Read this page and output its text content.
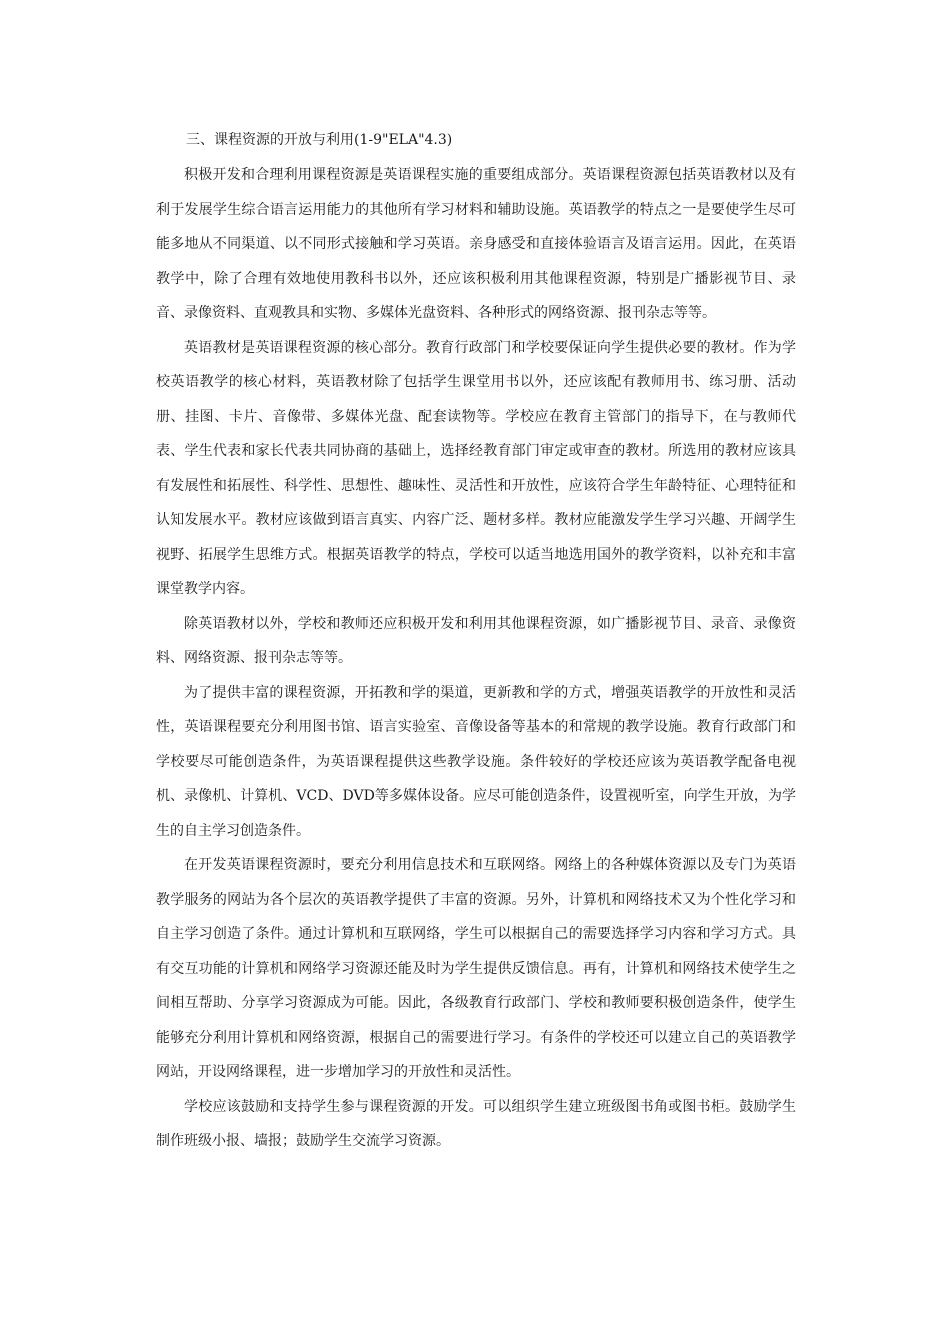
三、课程资源的开放与利用(1-9"ELA"4.3)

积极开发和合理利用课程资源是英语课程实施的重要组成部分。英语课程资源包括英语教材以及有利于发展学生综合语言运用能力的其他所有学习材料和辅助设施。英语教学的特点之一是要使学生尽可能多地从不同渠道、以不同形式接触和学习英语。亲身感受和直接体验语言及语言运用。因此，在英语教学中，除了合理有效地使用教科书以外，还应该积极利用其他课程资源，特别是广播影视节目、录音、录像资料、直观教具和实物、多媒体光盘资料、各种形式的网络资源、报刊杂志等等。

英语教材是英语课程资源的核心部分。教育行政部门和学校要保证向学生提供必要的教材。作为学校英语教学的核心材料，英语教材除了包括学生课堂用书以外，还应该配有教师用书、练习册、活动册、挂图、卡片、音像带、多媒体光盘、配套读物等。学校应在教育主管部门的指导下，在与教师代表、学生代表和家长代表共同协商的基础上，选择经教育部门审定或审查的教材。所选用的教材应该具有发展性和拓展性、科学性、思想性、趣味性、灵活性和开放性，应该符合学生年龄特征、心理特征和认知发展水平。教材应该做到语言真实、内容广泛、题材多样。教材应能激发学生学习兴趣、开阔学生视野、拓展学生思维方式。根据英语教学的特点，学校可以适当地选用国外的教学资料，以补充和丰富课堂教学内容。

除英语教材以外，学校和教师还应积极开发和利用其他课程资源，如广播影视节目、录音、录像资料、网络资源、报刊杂志等等。

为了提供丰富的课程资源，开拓教和学的渠道，更新教和学的方式，增强英语教学的开放性和灵活性，英语课程要充分利用图书馆、语言实验室、音像设备等基本的和常规的教学设施。教育行政部门和学校要尽可能创造条件，为英语课程提供这些教学设施。条件较好的学校还应该为英语教学配备电视机、录像机、计算机、VCD、DVD等多媒体设备。应尽可能创造条件，设置视听室，向学生开放，为学生的自主学习创造条件。

在开发英语课程资源时，要充分利用信息技术和互联网络。网络上的各种媒体资源以及专门为英语教学服务的网站为各个层次的英语教学提供了丰富的资源。另外，计算机和网络技术又为个性化学习和自主学习创造了条件。通过计算机和互联网络，学生可以根据自己的需要选择学习内容和学习方式。具有交互功能的计算机和网络学习资源还能及时为学生提供反馈信息。再有，计算机和网络技术使学生之间相互帮助、分享学习资源成为可能。因此，各级教育行政部门、学校和教师要积极创造条件，使学生能够充分利用计算机和网络资源，根据自己的需要进行学习。有条件的学校还可以建立自己的英语教学网站，开设网络课程，进一步增加学习的开放性和灵活性。

学校应该鼓励和支持学生参与课程资源的开发。可以组织学生建立班级图书角或图书柜。鼓励学生制作班级小报、墙报；鼓励学生交流学习资源。
